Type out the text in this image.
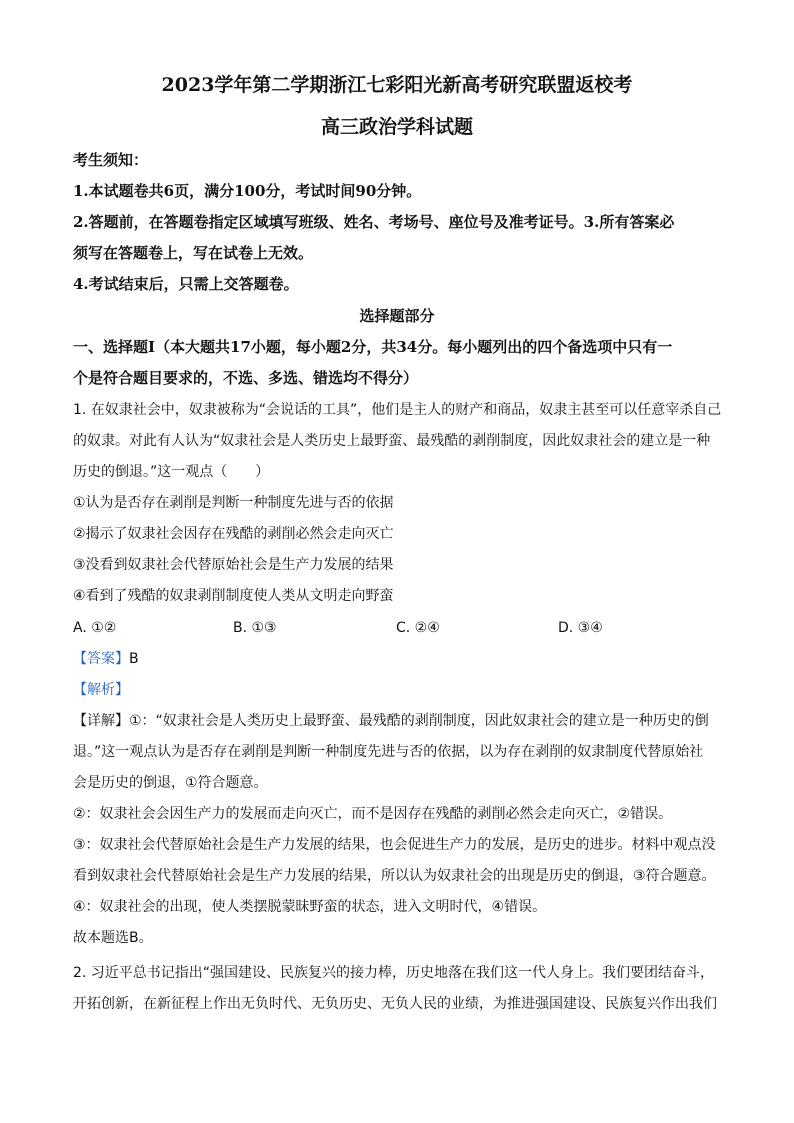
2023学年第二学期浙江七彩阳光新高考研究联盟返校考
高三政治学科试题
考生须知：
1.本试题卷共6页，满分100分，考试时间90分钟。
2.答题前，在答题卷指定区域填写班级、姓名、考场号、座位号及准考证号。3.所有答案必
须写在答题卷上，写在试卷上无效。
4.考试结束后，只需上交答题卷。
选择题部分
一、选择题Ⅰ（本大题共17小题，每小题2分，共34分。每小题列出的四个备选项中只有一
个是符合题目要求的，不选、多选、错选均不得分）
1. 在奴隶社会中，奴隶被称为“会说话的工具”，他们是主人的财产和商品，奴隶主甚至可以任意宰杀自己
的奴隶。对此有人认为“奴隶社会是人类历史上最野蛮、最残酷的剥削制度，因此奴隶社会的建立是一种
历史的倒退。”这一观点（　　）
①认为是否存在剥削是判断一种制度先进与否的依据
②揭示了奴隶社会因存在残酷的剥削必然会走向灭亡
③没看到奴隶社会代替原始社会是生产力发展的结果
④看到了残酷的奴隶剥削制度使人类从文明走向野蛮
A. ①②	B. ①③	C. ②④	D. ③④
【答案】B
【解析】
【详解】①：“奴隶社会是人类历史上最野蛮、最残酷的剥削制度，因此奴隶社会的建立是一种历史的倒
退。”这一观点认为是否存在剥削是判断一种制度先进与否的依据，以为存在剥削的奴隶制度代替原始社
会是历史的倒退，①符合题意。
②：奴隶社会会因生产力的发展而走向灭亡，而不是因存在残酷的剥削必然会走向灭亡，②错误。
③：奴隶社会代替原始社会是生产力发展的结果，也会促进生产力的发展，是历史的进步。材料中观点没
看到奴隶社会代替原始社会是生产力发展的结果，所以认为奴隶社会的出现是历史的倒退，③符合题意。
④：奴隶社会的出现，使人类摆脱蒙昧野蛮的状态，进入文明时代，④错误。
故本题选B。
2. 习近平总书记指出“强国建设、民族复兴的接力棒，历史地落在我们这一代人身上。我们要团结奋斗，
开拓创新，在新征程上作出无负时代、无负历史、无负人民的业绩，为推进强国建设、民族复兴作出我们
